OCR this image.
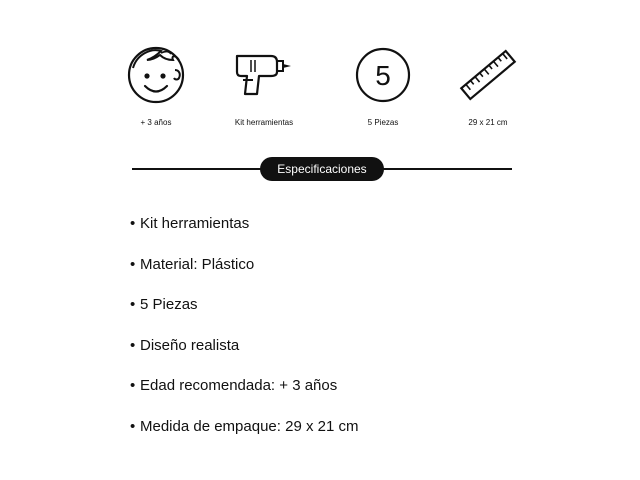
+ 3 años	Kit herramientas
5
5 Piezas	29 x 21 cm
Especificaciones
• Kit herramientas
• Material: Plástico
• 5 Piezas
• Diseño realista
• Edad recomendada: + 3 años
• Medida de empaque: 29 x 21 cm
